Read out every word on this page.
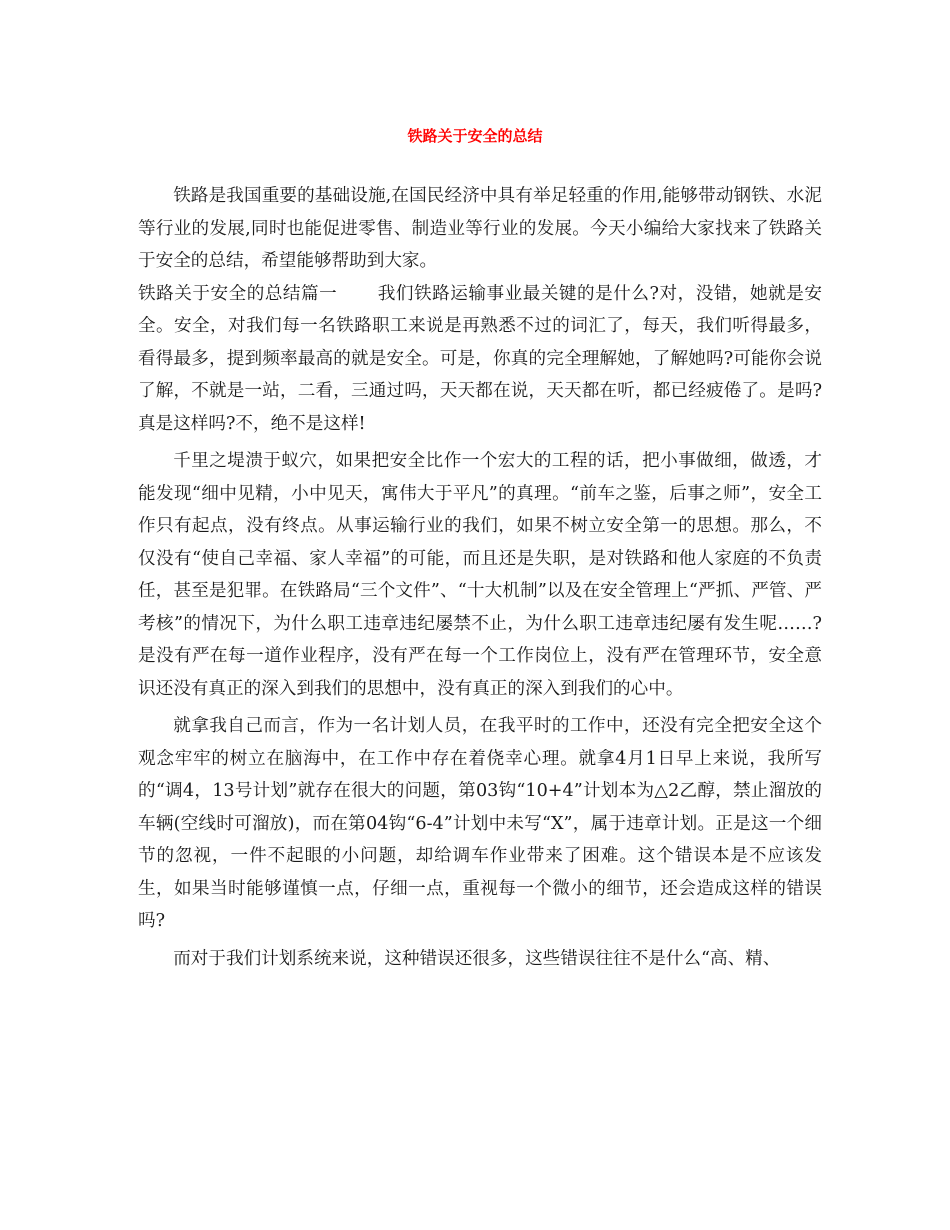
铁路关于安全的总结

铁路是我国重要的基础设施,在国民经济中具有举足轻重的作用,能够带动钢铁、水泥等行业的发展,同时也能促进零售、制造业等行业的发展。今天小编给大家找来了铁路关于安全的总结，希望能够帮助到大家。

铁路关于安全的总结篇一 我们铁路运输事业最关键的是什么?对，没错，她就是安全。安全，对我们每一名铁路职工来说是再熟悉不过的词汇了，每天，我们听得最多，看得最多，提到频率最高的就是安全。可是，你真的完全理解她，了解她吗?可能你会说了解，不就是一站，二看，三通过吗，天天都在说，天天都在听，都已经疲倦了。是吗?真是这样吗?不，绝不是这样!

千里之堤溃于蚁穴，如果把安全比作一个宏大的工程的话，把小事做细，做透，才能发现“细中见精，小中见天，寓伟大于平凡”的真理。“前车之鉴，后事之师”，安全工作只有起点，没有终点。从事运输行业的我们，如果不树立安全第一的思想。那么，不仅没有“使自己幸福、家人幸福”的可能，而且还是失职，是对铁路和他人家庭的不负责任，甚至是犯罪。在铁路局“三个文件”、“十大机制”以及在安全管理上“严抓、严管、严考核”的情况下，为什么职工违章违纪屡禁不止，为什么职工违章违纪屡有发生呢……?是没有严在每一道作业程序，没有严在每一个工作岗位上，没有严在管理环节，安全意识还没有真正的深入到我们的思想中，没有真正的深入到我们的心中。

就拿我自己而言，作为一名计划人员，在我平时的工作中，还没有完全把安全这个观念牢牢的树立在脑海中，在工作中存在着侥幸心理。就拿4月1日早上来说，我所写的“调4，13号计划”就存在很大的问题，第03钩“10+4”计划本为△2乙醇，禁止溜放的车辆(空线时可溜放)，而在第04钩“6-4”计划中未写“X”，属于违章计划。正是这一个细节的忽视，一件不起眼的小问题，却给调车作业带来了困难。这个错误本是不应该发生，如果当时能够谨慎一点，仔细一点，重视每一个微小的细节，还会造成这样的错误吗?

而对于我们计划系统来说，这种错误还很多，这些错误往往不是什么“高、精、
